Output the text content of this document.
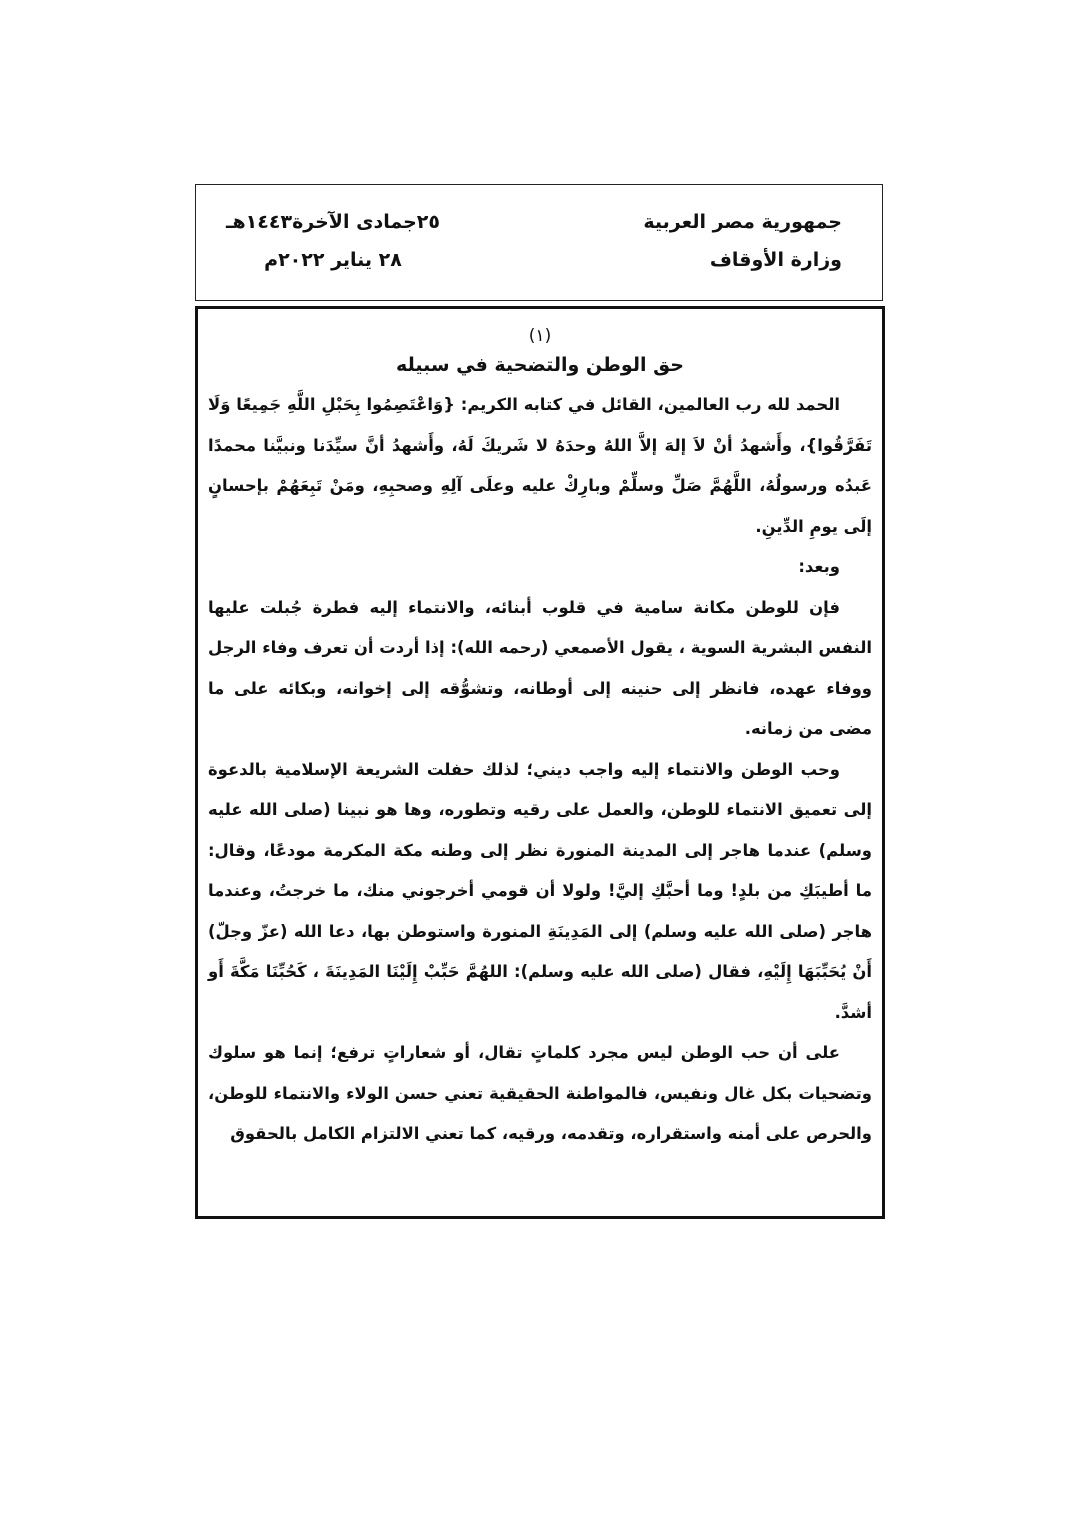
جمهورية مصر العربية
وزارة الأوقاف
٢٥جمادى الآخرة١٤٤٣هـ
٢٨ يناير ٢٠٢٢م
(١)
حق الوطن والتضحية في سبيله

الحمد لله رب العالمين، القائل في كتابه الكريم: {وَاعْتَصِمُوا بِحَبْلِ اللَّهِ جَمِيعًا وَلَا تَفَرَّقُوا}، وأَشهدُ أنْ لاَ إلهَ إلاَّ اللهُ وحدَهُ لا شَريكَ لَهُ، وأَشهدُ أنَّ سيِّدَنا ونبيَّنا محمدًا عَبدُه ورسولُهُ، اللَّهُمَّ صَلِّ وسلِّمْ وبارِكْ عليه وعلَى آلِهِ وصحبِهِ، ومَنْ تَبِعَهُمْ بإحسانٍ إلَى يومِ الدِّينِ.

وبعد:

فإن للوطن مكانة سامية في قلوب أبنائه، والانتماء إليه فطرة جُبلت عليها النفس البشرية السوية ، يقول الأصمعي (رحمه الله): إذا أردت أن تعرف وفاء الرجل ووفاء عهده، فانظر إلى حنينه إلى أوطانه، وتشوُّقه إلى إخوانه، وبكائه على ما مضى من زمانه.

وحب الوطن والانتماء إليه واجب ديني؛ لذلك حفلت الشريعة الإسلامية بالدعوة إلى تعميق الانتماء للوطن، والعمل على رقيه وتطوره، وها هو نبينا (صلى الله عليه وسلم) عندما هاجر إلى المدينة المنورة نظر إلى وطنه مكة المكرمة مودعًا، وقال: ما أطيبَكِ من بلدٍ! وما أحبَّكِ إليَّ! ولولا أن قومي أخرجوني منك، ما خرجتُ، وعندما هاجر (صلى الله عليه وسلم) إلى المَدِينَةِ المنورة واستوطن بها، دعا الله (عزّ وجلّ) أَنْ يُحَبِّبَهَا إِلَيْهِ، فقال (صلى الله عليه وسلم): اللهُمَّ حَبِّبْ إِلَيْنَا المَدِينَةَ ، كَحُبِّنَا مَكَّةَ أَو أشدَّ.

على أن حب الوطن ليس مجرد كلماتٍ تقال، أو شعاراتٍ ترفع؛ إنما هو سلوك وتضحيات بكل غال ونفيس، فالمواطنة الحقيقية تعني حسن الولاء والانتماء للوطن، والحرص على أمنه واستقراره، وتقدمه، ورقيه، كما تعني الالتزام الكامل بالحقوق
